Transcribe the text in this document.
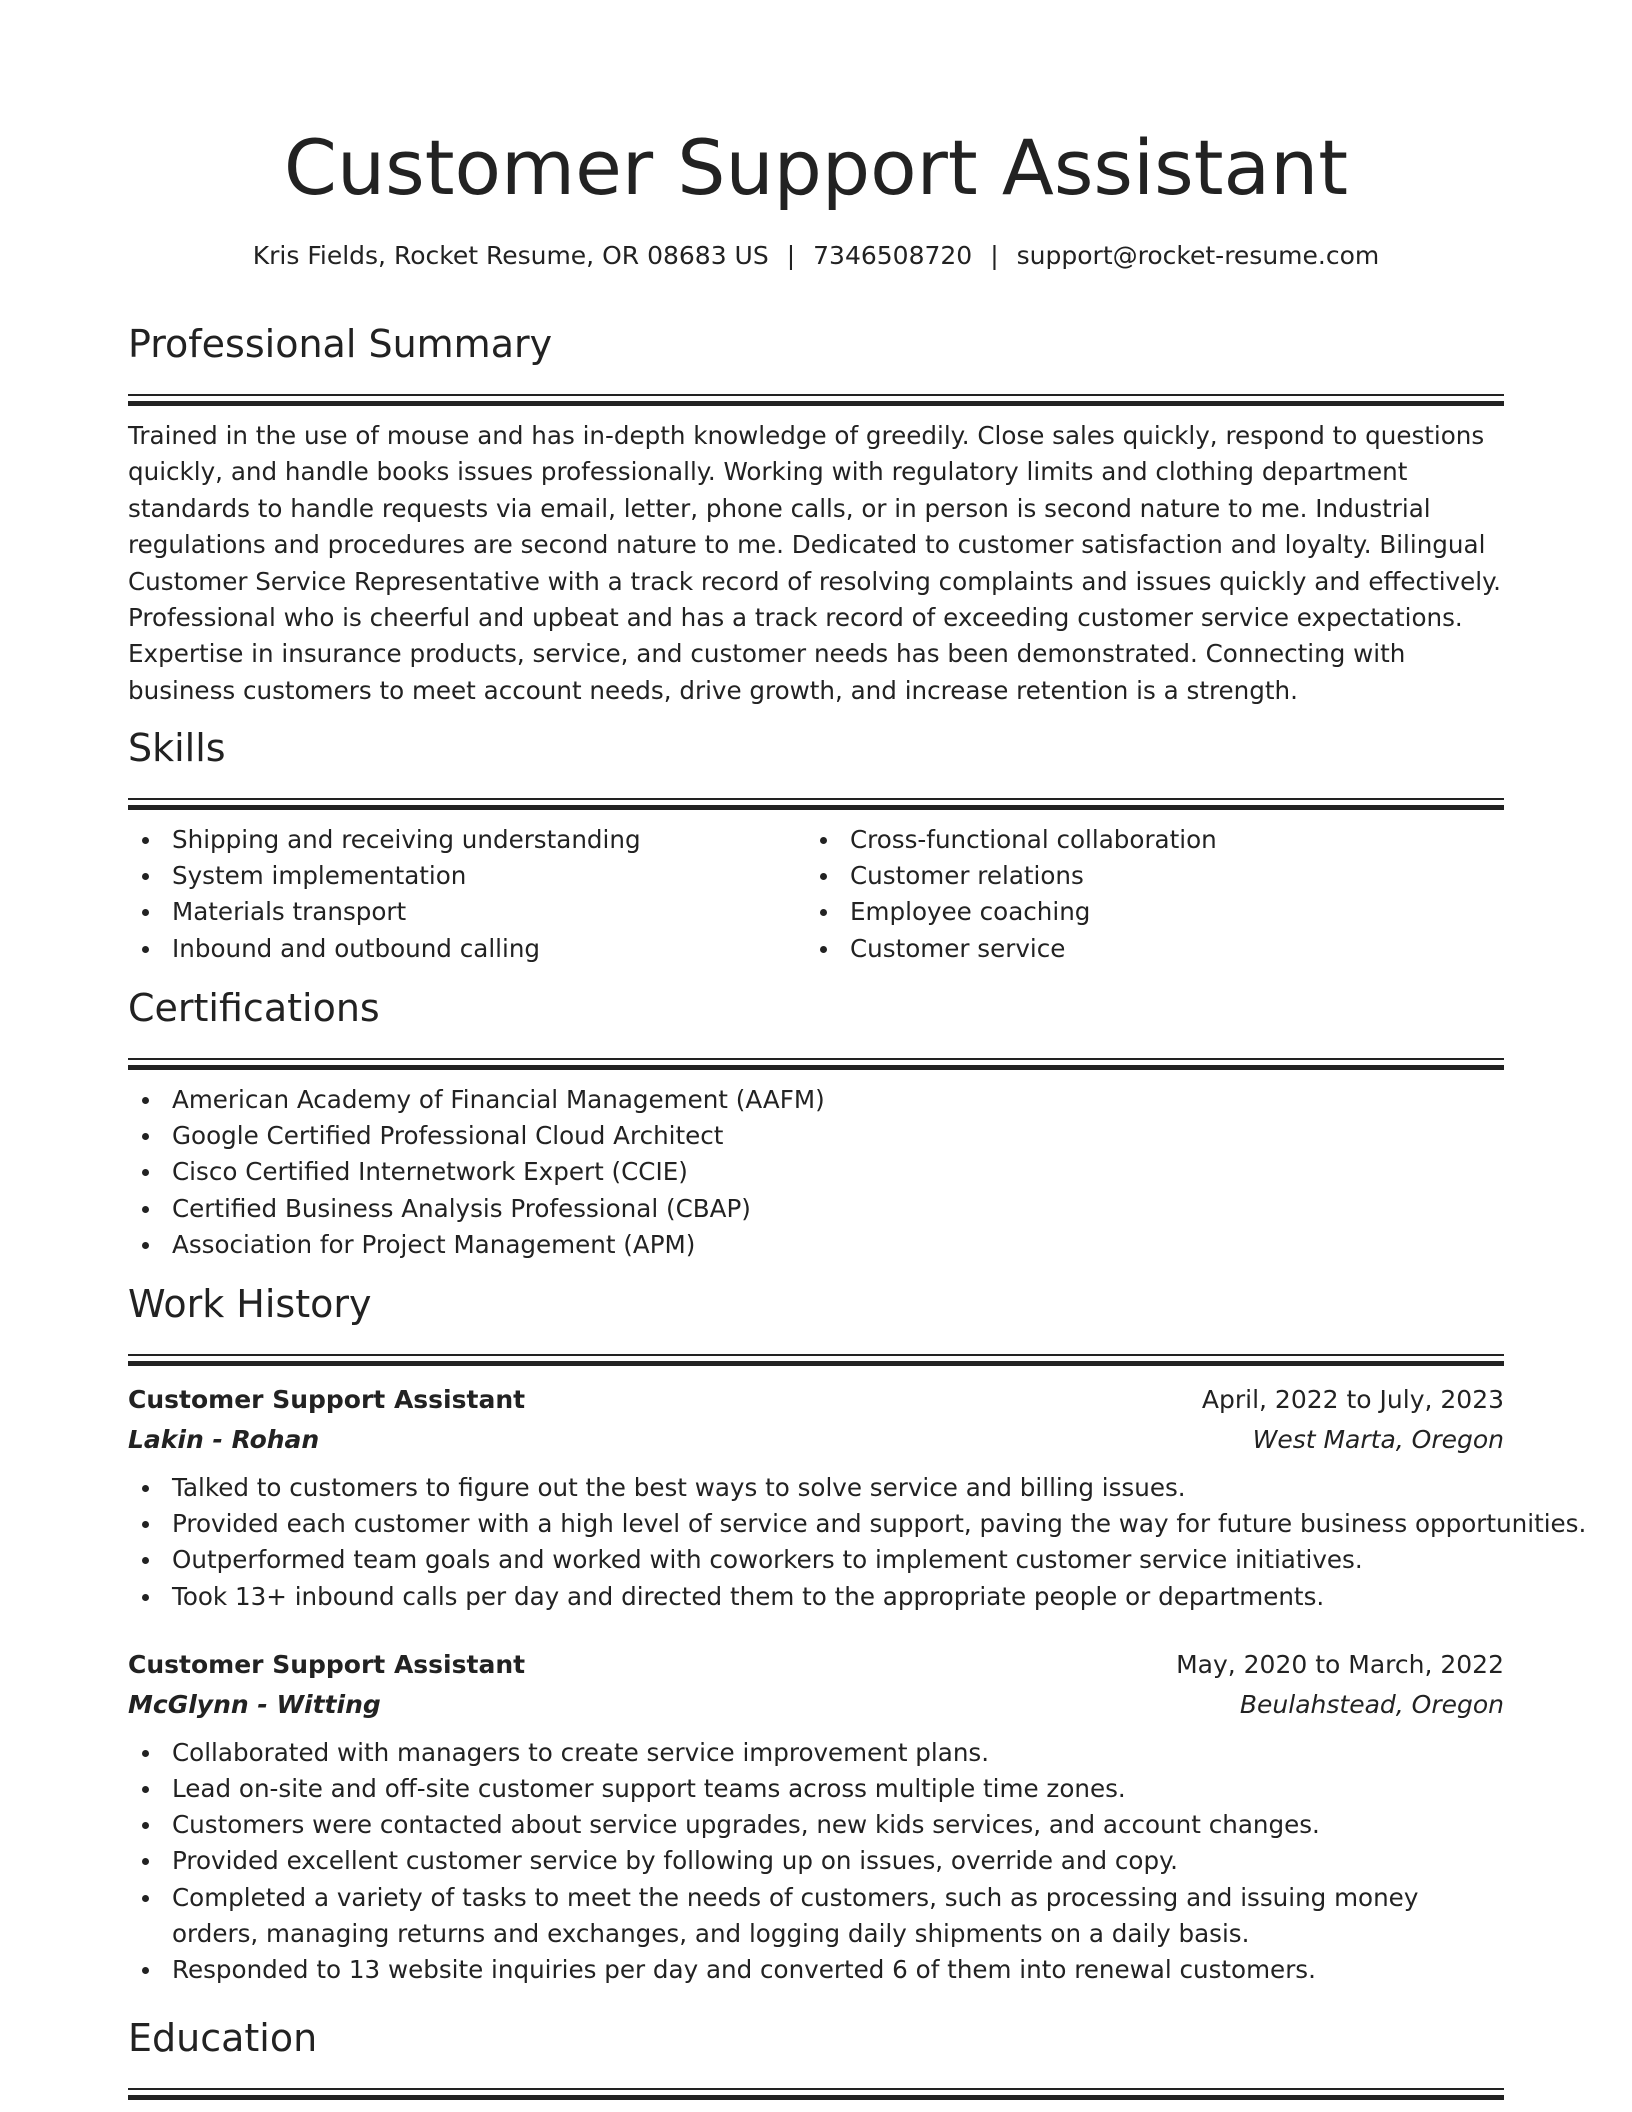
Customer Support Assistant
Kris Fields, Rocket Resume, OR 08683 US | 7346508720 | support@rocket-resume.com
Professional Summary

Trained in the use of mouse and has in-depth knowledge of greedily. Close sales quickly, respond to questions quickly, and handle books issues professionally. Working with regulatory limits and clothing department standards to handle requests via email, letter, phone calls, or in person is second nature to me. Industrial regulations and procedures are second nature to me. Dedicated to customer satisfaction and loyalty. Bilingual Customer Service Representative with a track record of resolving complaints and issues quickly and effectively. Professional who is cheerful and upbeat and has a track record of exceeding customer service expectations. Expertise in insurance products, service, and customer needs has been demonstrated. Connecting with business customers to meet account needs, drive growth, and increase retention is a strength.

Skills
Shipping and receiving understanding
System implementation
Materials transport
Inbound and outbound calling
Cross-functional collaboration
Customer relations
Employee coaching
Customer service
Certifications
American Academy of Financial Management (AAFM)
Google Certified Professional Cloud Architect
Cisco Certified Internetwork Expert (CCIE)
Certified Business Analysis Professional (CBAP)
Association for Project Management (APM)
Work History
Customer Support Assistant	April, 2022 to July, 2023
Lakin - Rohan	West Marta, Oregon
Talked to customers to figure out the best ways to solve service and billing issues.
Provided each customer with a high level of service and support, paving the way for future business opportunities.
Outperformed team goals and worked with coworkers to implement customer service initiatives.
Took 13+ inbound calls per day and directed them to the appropriate people or departments.
Customer Support Assistant	May, 2020 to March, 2022
McGlynn - Witting	Beulahstead, Oregon
Collaborated with managers to create service improvement plans.
Lead on-site and off-site customer support teams across multiple time zones.
Customers were contacted about service upgrades, new kids services, and account changes.
Provided excellent customer service by following up on issues, override and copy.
Completed a variety of tasks to meet the needs of customers, such as processing and issuing money orders, managing returns and exchanges, and logging daily shipments on a daily basis.
Responded to 13 website inquiries per day and converted 6 of them into renewal customers.
Education
